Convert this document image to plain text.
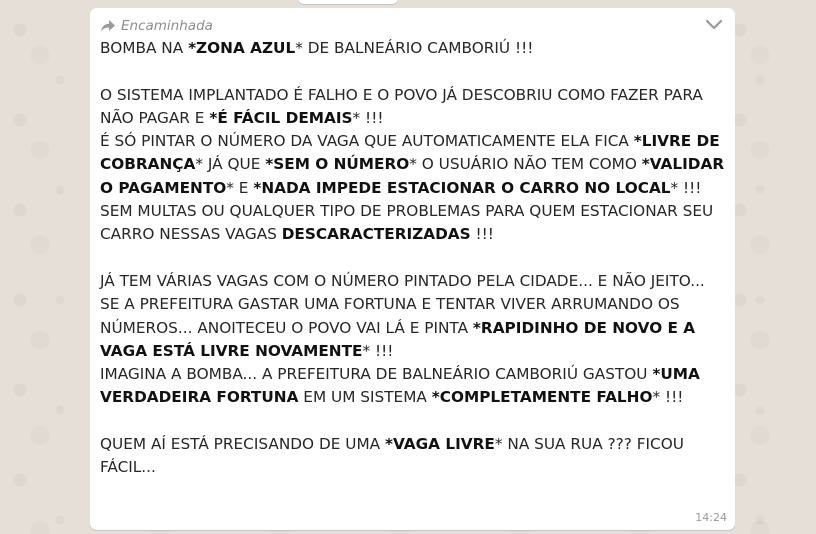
Encaminhada
BOMBA NA *ZONA AZUL* DE BALNEÁRIO CAMBORIÚ !!!

O SISTEMA IMPLANTADO É FALHO E O POVO JÁ DESCOBRIU COMO FAZER PARA NÃO PAGAR E *É FÁCIL DEMAIS* !!!
É SÓ PINTAR O NÚMERO DA VAGA QUE AUTOMATICAMENTE ELA FICA *LIVRE DE COBRANÇA* JÁ QUE *SEM O NÚMERO* O USUÁRIO NÃO TEM COMO *VALIDAR O PAGAMENTO* E *NADA IMPEDE ESTACIONAR O CARRO NO LOCAL* !!!
SEM MULTAS OU QUALQUER TIPO DE PROBLEMAS PARA QUEM ESTACIONAR SEU CARRO NESSAS VAGAS DESCARACTERIZADAS !!!

JÁ TEM VÁRIAS VAGAS COM O NÚMERO PINTADO PELA CIDADE... E NÃO JEITO... SE A PREFEITURA GASTAR UMA FORTUNA E TENTAR VIVER ARRUMANDO OS NÚMEROS... ANOITECEU O POVO VAI LÁ E PINTA *RAPIDINHO DE NOVO E A VAGA ESTÁ LIVRE NOVAMENTE* !!!
IMAGINA A BOMBA... A PREFEITURA DE BALNEÁRIO CAMBORIÚ GASTOU *UMA VERDADEIRA FORTUNA EM UM SISTEMA *COMPLETAMENTE FALHO* !!!

QUEM AÍ ESTÁ PRECISANDO DE UMA *VAGA LIVRE* NA SUA RUA ??? FICOU FÁCIL...
14:24
